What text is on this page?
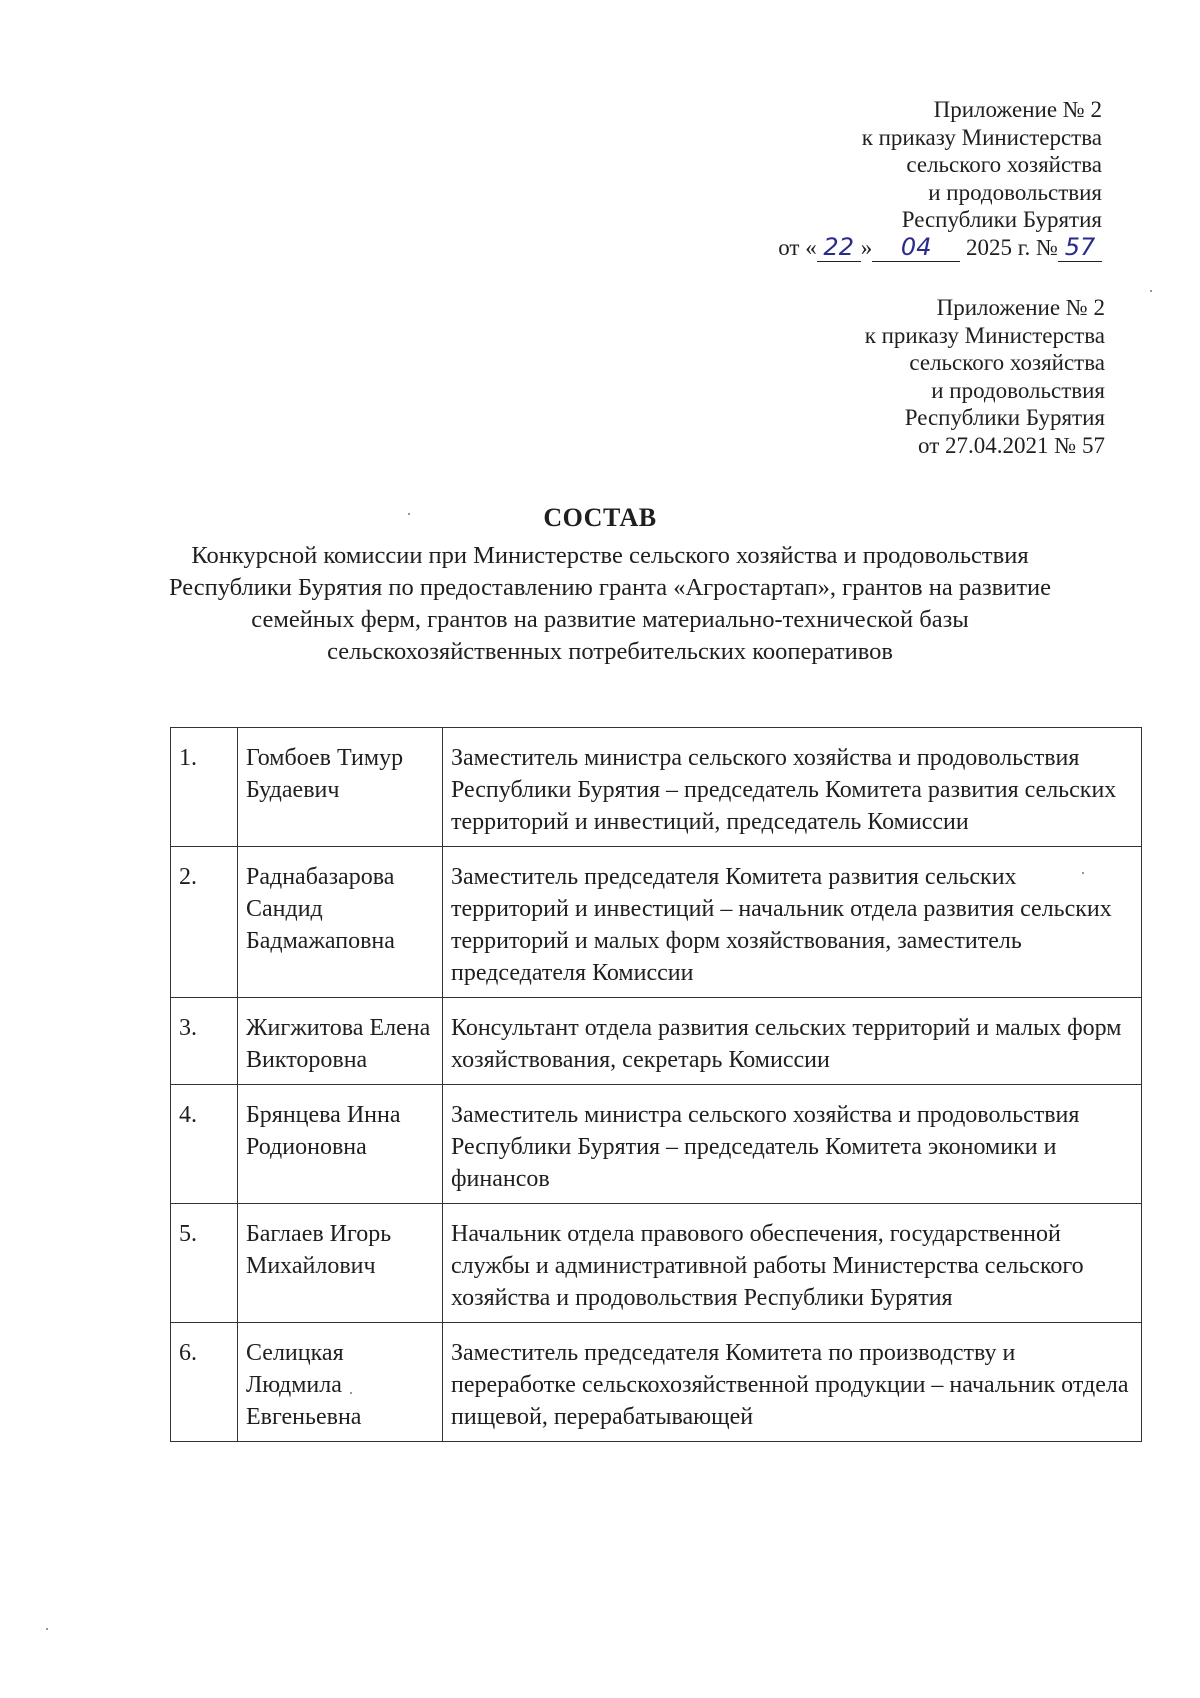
Приложение № 2
к приказу Министерства
сельского хозяйства
и продовольствия
Республики Бурятия
от « 22 » 04 2025 г. № 57
Приложение № 2
к приказу Министерства
сельского хозяйства
и продовольствия
Республики Бурятия
от 27.04.2021 № 57
СОСТАВ
Конкурсной комиссии при Министерстве сельского хозяйства и продовольствия Республики Бурятия по предоставлению гранта «Агростартап», грантов на развитие семейных ферм, грантов на развитие материально-технической базы сельскохозяйственных потребительских кооперативов
1.	Гомбоев Тимур Будаевич	Заместитель министра сельского хозяйства и продовольствия Республики Бурятия – председатель Комитета развития сельских территорий и инвестиций, председатель Комиссии
2.	Раднабазарова Сандид Бадмажаповна	Заместитель председателя Комитета развития сельских территорий и инвестиций – начальник отдела развития сельских территорий и малых форм хозяйствования, заместитель председателя Комиссии
3.	Жигжитова Елена Викторовна	Консультант отдела развития сельских территорий и малых форм хозяйствования, секретарь Комиссии
4.	Брянцева Инна Родионовна	Заместитель министра сельского хозяйства и продовольствия Республики Бурятия – председатель Комитета экономики и финансов
5.	Баглаев Игорь Михайлович	Начальник отдела правового обеспечения, государственной службы и административной работы Министерства сельского хозяйства и продовольствия Республики Бурятия
6.	Селицкая Людмила Евгеньевна	Заместитель председателя Комитета по производству и переработке сельскохозяйственной продукции – начальник отдела пищевой, перерабатывающей
